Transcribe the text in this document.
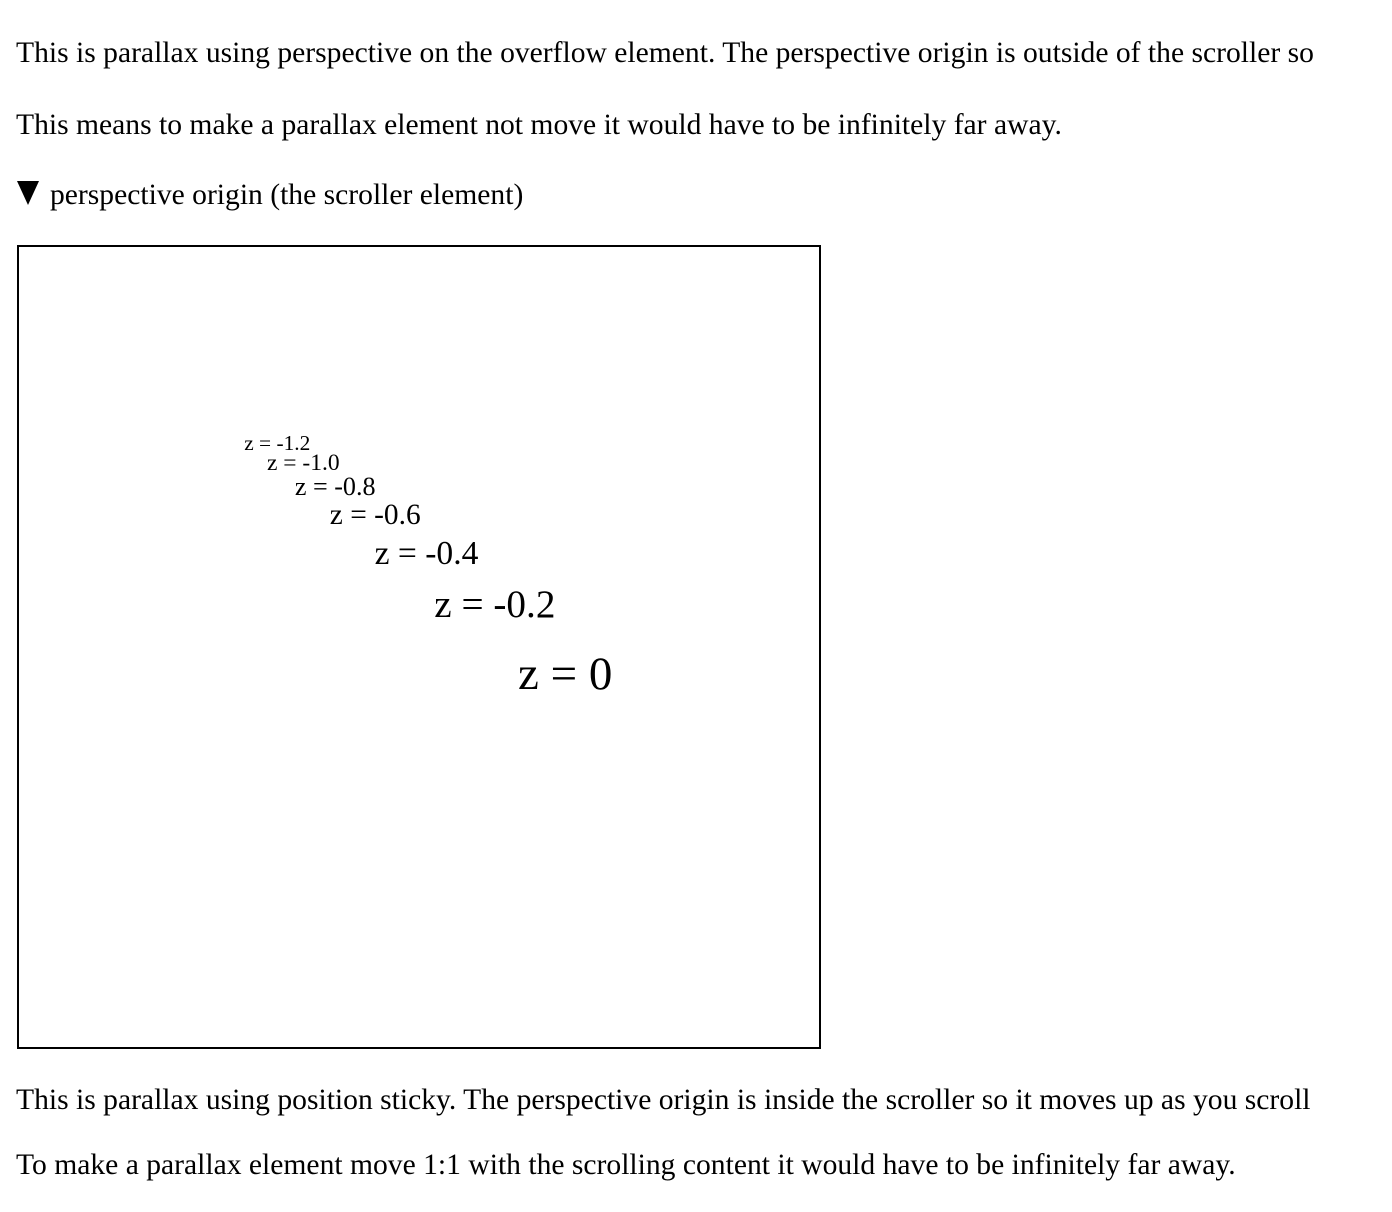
This is parallax using perspective on the overflow element. The perspective origin is outside of the scroller so
This means to make a parallax element not move it would have to be infinitely far away.
perspective origin (the scroller element)
z = -1.2
z = -1.0
z = -0.8
z = -0.6
z = -0.4
z = -0.2
z = 0
This is parallax using position sticky. The perspective origin is inside the scroller so it moves up as you scroll
To make a parallax element move 1:1 with the scrolling content it would have to be infinitely far away.
